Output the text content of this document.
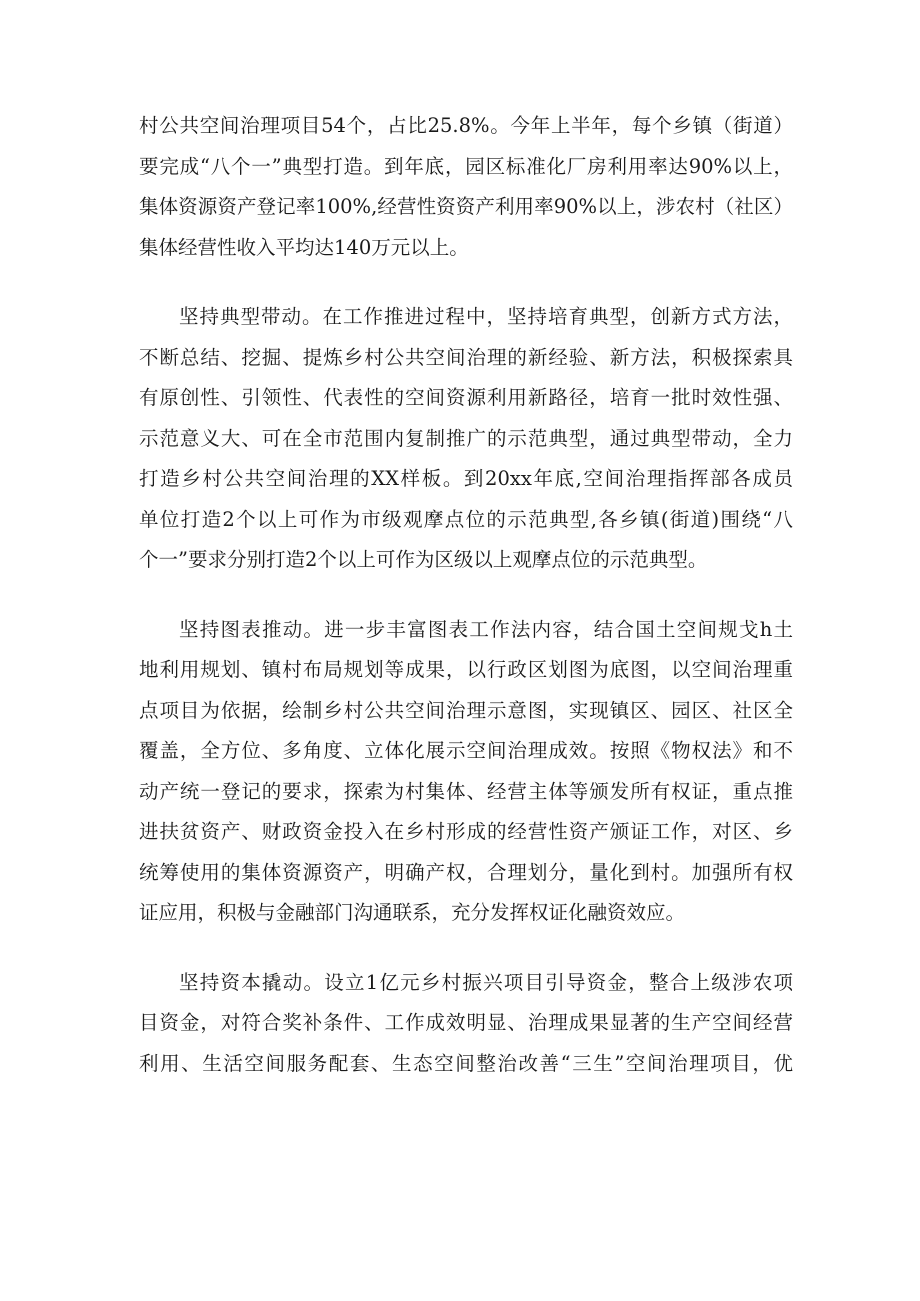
村公共空间治理项目54个，占比25.8%。今年上半年，每个乡镇（街道）
要完成“八个一”典型打造。到年底，园区标准化厂房利用率达90%以上，
集体资源资产登记率100%,经营性资资产利用率90%以上，涉农村（社区）
集体经营性收入平均达140万元以上。
坚持典型带动。在工作推进过程中，坚持培育典型，创新方式方法，
不断总结、挖掘、提炼乡村公共空间治理的新经验、新方法，积极探索具
有原创性、引领性、代表性的空间资源利用新路径，培育一批时效性强、
示范意义大、可在全市范围内复制推广的示范典型，通过典型带动，全力
打造乡村公共空间治理的XX样板。到20xx年底,空间治理指挥部各成员
单位打造2个以上可作为市级观摩点位的示范典型,各乡镇(街道)围绕“八
个一”要求分别打造2个以上可作为区级以上观摩点位的示范典型。
坚持图表推动。进一步丰富图表工作法内容，结合国土空间规戈h土
地利用规划、镇村布局规划等成果，以行政区划图为底图，以空间治理重
点项目为依据，绘制乡村公共空间治理示意图，实现镇区、园区、社区全
覆盖，全方位、多角度、立体化展示空间治理成效。按照《物权法》和不
动产统一登记的要求，探索为村集体、经营主体等颁发所有权证，重点推
进扶贫资产、财政资金投入在乡村形成的经营性资产颁证工作，对区、乡
统筹使用的集体资源资产，明确产权，合理划分，量化到村。加强所有权
证应用，积极与金融部门沟通联系，充分发挥权证化融资效应。
坚持资本撬动。设立1亿元乡村振兴项目引导资金，整合上级涉农项
目资金，对符合奖补条件、工作成效明显、治理成果显著的生产空间经营
利用、生活空间服务配套、生态空间整治改善“三生”空间治理项目，优
